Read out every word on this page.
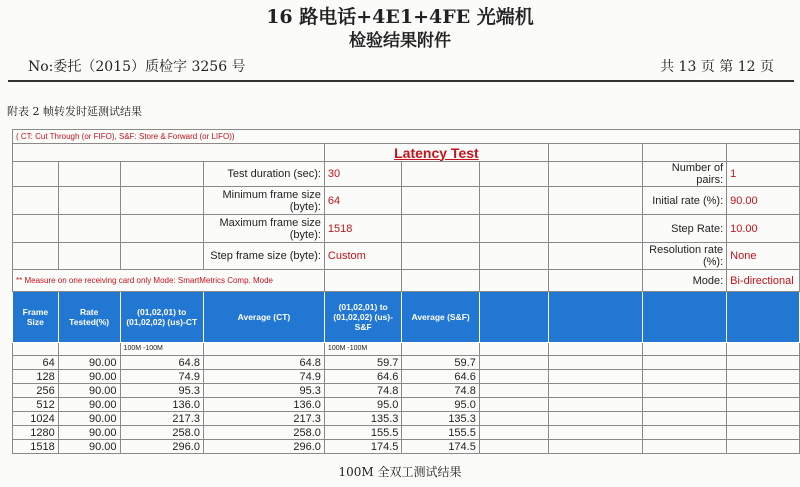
16 路电话+4E1+4FE 光端机
检验结果附件
No:委托（2015）质检字 3256 号	共 13 页 第 12 页
附表 2 帧转发时延测试结果
( CT: Cut Through (or FIFO), S&F: Store & Forward (or LIFO))									
				Latency Test					
			Test duration (sec):	30				Number of pairs:	1
			Minimum frame size (byte):	64				Initial rate (%):	90.00
			Maximum frame size (byte):	1518				Step Rate:	10.00
			Step frame size (byte):	Custom				Resolution rate (%):	None
** Measure on one receiving card only Mode: SmartMetrics Comp. Mode								Mode:	Bi-directional
Frame Size	Rate Tested(%)	(01,02,01) to (01,02,02) (us)-CT	Average (CT)	(01,02,01) to (01,02,02) (us)-S&F	Average (S&F)				
		100M -100M		100M -100M					
64	90.00	64.8	64.8	59.7	59.7				
128	90.00	74.9	74.9	64.6	64.6				
256	90.00	95.3	95.3	74.8	74.8				
512	90.00	136.0	136.0	95.0	95.0				
1024	90.00	217.3	217.3	135.3	135.3				
1280	90.00	258.0	258.0	155.5	155.5				
1518	90.00	296.0	296.0	174.5	174.5				
100M 全双工测试结果
